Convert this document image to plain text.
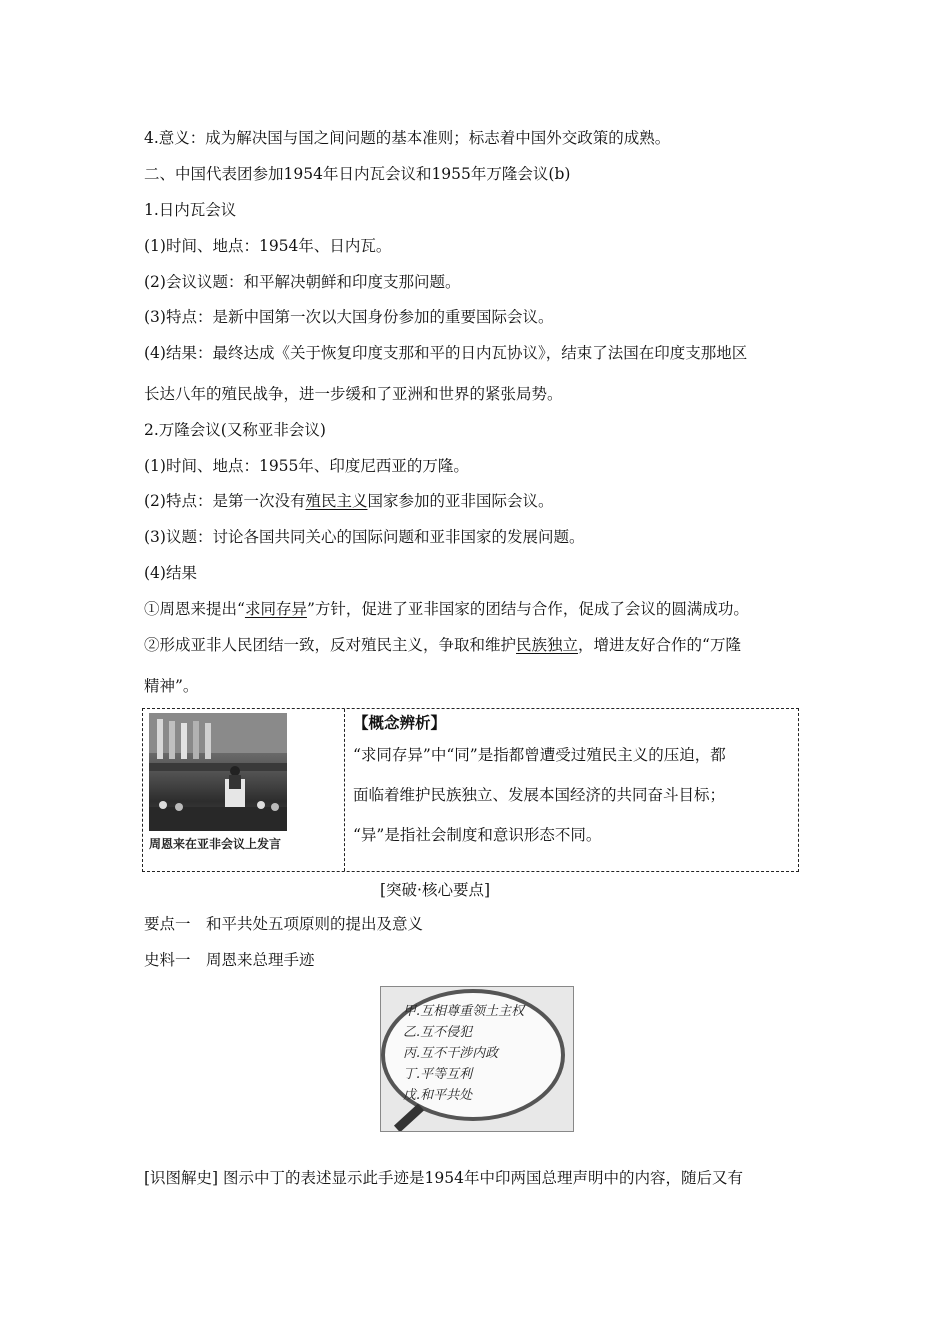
4.意义：成为解决国与国之间问题的基本准则；标志着中国外交政策的成熟。
二、中国代表团参加1954年日内瓦会议和1955年万隆会议(b)
1.日内瓦会议
(1)时间、地点：1954年、日内瓦。
(2)会议议题：和平解决朝鲜和印度支那问题。
(3)特点：是新中国第一次以大国身份参加的重要国际会议。
(4)结果：最终达成《关于恢复印度支那和平的日内瓦协议》，结束了法国在印度支那地区
长达八年的殖民战争，进一步缓和了亚洲和世界的紧张局势。
2.万隆会议(又称亚非会议)
(1)时间、地点：1955年、印度尼西亚的万隆。
(2)特点：是第一次没有殖民主义国家参加的亚非国际会议。
(3)议题：讨论各国共同关心的国际问题和亚非国家的发展问题。
(4)结果
①周恩来提出“求同存异”方针，促进了亚非国家的团结与合作，促成了会议的圆满成功。
②形成亚非人民团结一致，反对殖民主义，争取和维护民族独立，增进友好合作的“万隆
精神”。
周恩来在亚非会议上发言
【概念辨析】
“求同存异”中“同”是指都曾遭受过殖民主义的压迫，都
面临着维护民族独立、发展本国经济的共同奋斗目标；
“异”是指社会制度和意识形态不同。
[突破·核心要点]
要点一　和平共处五项原则的提出及意义
史料一　周恩来总理手迹
甲.互相尊重领土主权
乙.互不侵犯
丙.互不干涉内政
丁.平等互利
戊.和平共处
[识图解史] 图示中丁的表述显示此手迹是1954年中印两国总理声明中的内容，随后又有
